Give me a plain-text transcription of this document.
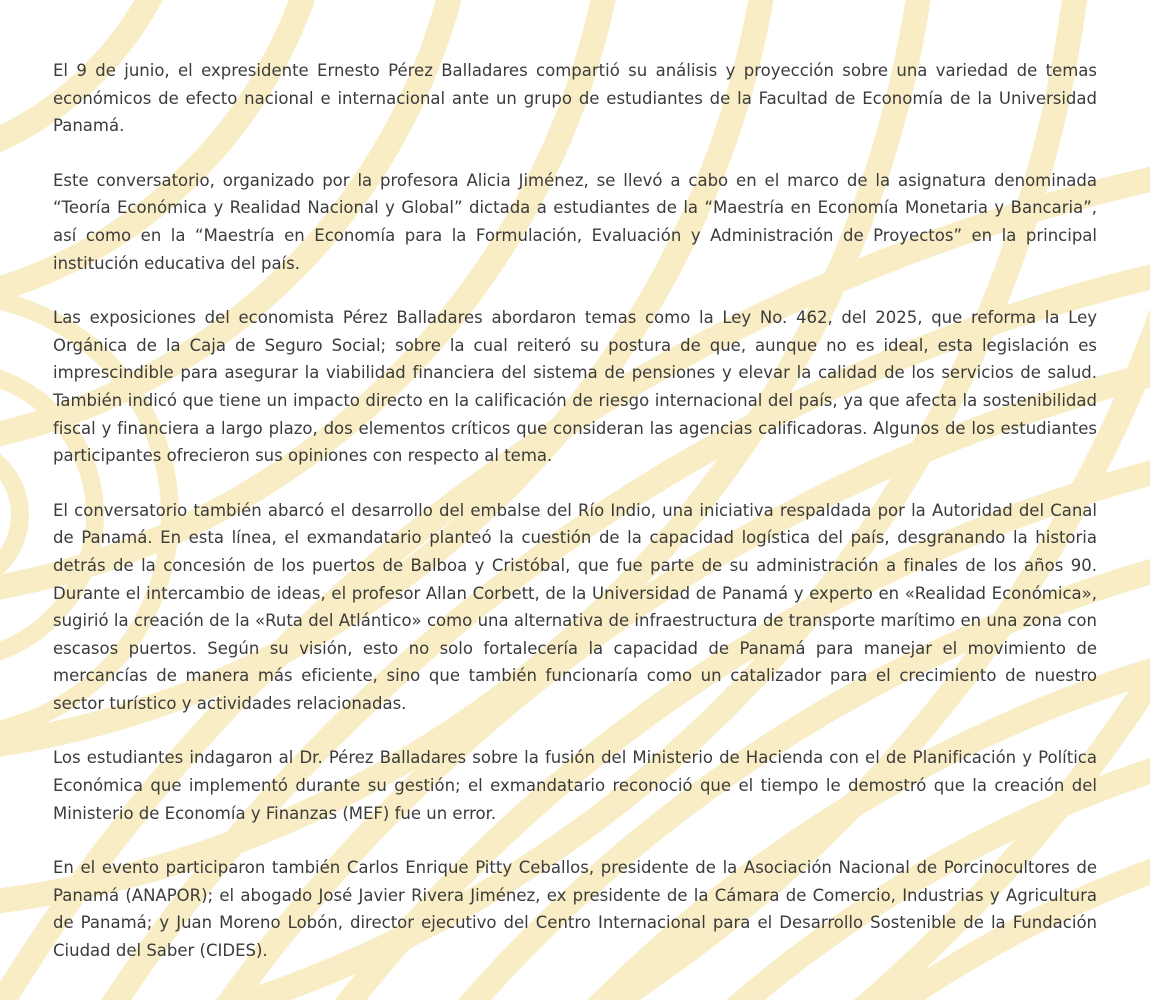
El 9 de junio, el expresidente Ernesto Pérez Balladares compartió su análisis y proyección sobre una variedad de temas económicos de efecto nacional e internacional ante un grupo de estudiantes de la Facultad de Economía de la Universidad Panamá.

Este conversatorio, organizado por la profesora Alicia Jiménez, se llevó a cabo en el marco de la asignatura denominada “Teoría Económica y Realidad Nacional y Global” dictada a estudiantes de la “Maestría en Economía Monetaria y Bancaria”, así como en la “Maestría en Economía para la Formulación, Evaluación y Administración de Proyectos” en la principal institución educativa del país.

Las exposiciones del economista Pérez Balladares abordaron temas como la Ley No. 462, del 2025, que reforma la Ley Orgánica de la Caja de Seguro Social; sobre la cual reiteró su postura de que, aunque no es ideal, esta legislación es imprescindible para asegurar la viabilidad financiera del sistema de pensiones y elevar la calidad de los servicios de salud. También indicó que tiene un impacto directo en la calificación de riesgo internacional del país, ya que afecta la sostenibilidad fiscal y financiera a largo plazo, dos elementos críticos que consideran las agencias calificadoras. Algunos de los estudiantes participantes ofrecieron sus opiniones con respecto al tema.

El conversatorio también abarcó el desarrollo del embalse del Río Indio, una iniciativa respaldada por la Autoridad del Canal de Panamá. En esta línea, el exmandatario planteó la cuestión de la capacidad logística del país, desgranando la historia detrás de la concesión de los puertos de Balboa y Cristóbal, que fue parte de su administración a finales de los años 90. Durante el intercambio de ideas, el profesor Allan Corbett, de la Universidad de Panamá y experto en «Realidad Económica», sugirió la creación de la «Ruta del Atlántico» como una alternativa de infraestructura de transporte marítimo en una zona con escasos puertos. Según su visión, esto no solo fortalecería la capacidad de Panamá para manejar el movimiento de mercancías de manera más eficiente, sino que también funcionaría como un catalizador para el crecimiento de nuestro sector turístico y actividades relacionadas.

Los estudiantes indagaron al Dr. Pérez Balladares sobre la fusión del Ministerio de Hacienda con el de Planificación y Política Económica que implementó durante su gestión; el exmandatario reconoció que el tiempo le demostró que la creación del Ministerio de Economía y Finanzas (MEF) fue un error.

En el evento participaron también Carlos Enrique Pitty Ceballos, presidente de la Asociación Nacional de Porcinocultores de Panamá (ANAPOR); el abogado José Javier Rivera Jiménez, ex presidente de la Cámara de Comercio, Industrias y Agricultura de Panamá; y Juan Moreno Lobón, director ejecutivo del Centro Internacional para el Desarrollo Sostenible de la Fundación Ciudad del Saber (CIDES).
